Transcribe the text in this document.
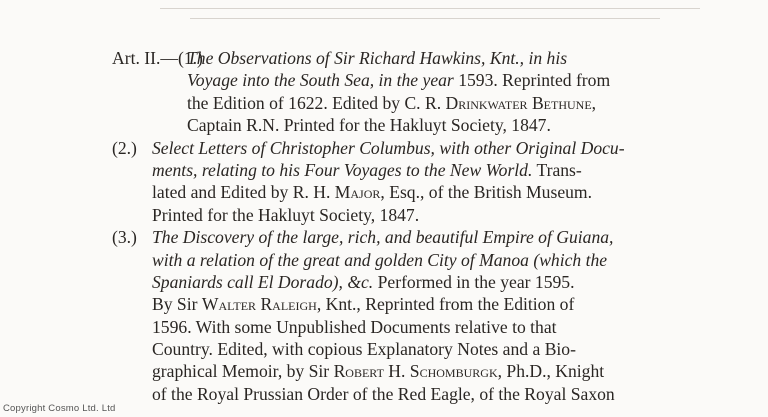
Art. II.—(1.)The Observations of Sir Richard Hawkins, Knt., in his
Voyage into the South Sea, in the year 1593. Reprinted from
the Edition of 1622. Edited by C. R. Drinkwater Bethune,
Captain R.N. Printed for the Hakluyt Society, 1847.
(2.) Select Letters of Christopher Columbus, with other Original Docu-
ments, relating to his Four Voyages to the New World. Trans-
lated and Edited by R. H. Major, Esq., of the British Museum.
Printed for the Hakluyt Society, 1847.
(3.) The Discovery of the large, rich, and beautiful Empire of Guiana,
with a relation of the great and golden City of Manoa (which the
Spaniards call El Dorado), &c. Performed in the year 1595.
By Sir Walter Raleigh, Knt., Reprinted from the Edition of
1596. With some Unpublished Documents relative to that
Country. Edited, with copious Explanatory Notes and a Bio-
graphical Memoir, by Sir Robert H. Schomburgk, Ph.D., Knight
of the Royal Prussian Order of the Red Eagle, of the Royal Saxon
Copyright Cosmo Ltd. Ltd
